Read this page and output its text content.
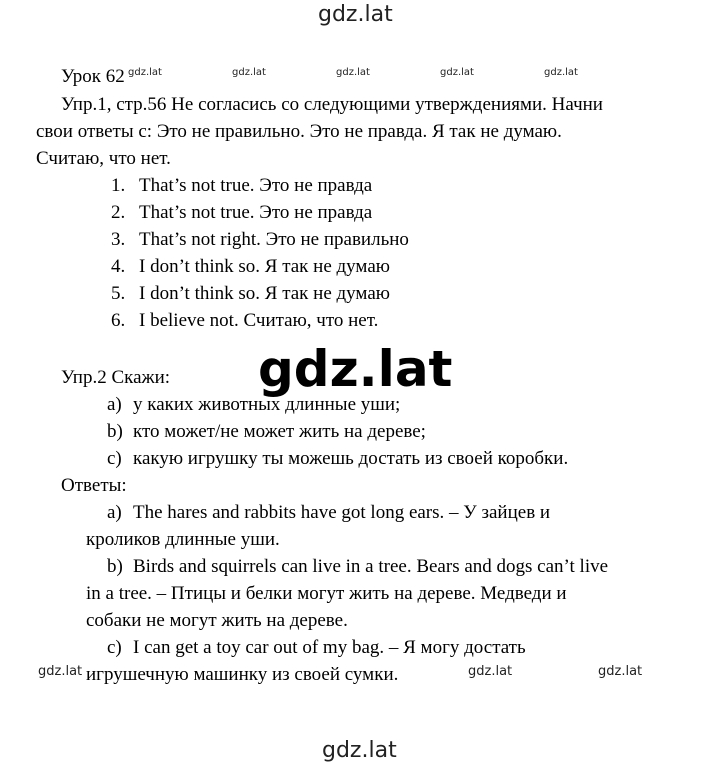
gdz.lat
gdz.lat
gdz.lat
gdz.lat	gdz.lat	gdz.lat	gdz.lat	gdz.lat
gdz.lat	gdz.lat	gdz.lat
Урок 62
Упр.1, стр.56 Не согласись со следующими утверждениями. Начни
свои ответы с: Это не правильно. Это не правда. Я так не думаю.
Считаю, что нет.
1. That’s not true. Это не правда
2. That’s not true. Это не правда
3. That’s not right. Это не правильно
4. I don’t think so. Я так не думаю
5. I don’t think so. Я так не думаю
6. I believe not. Считаю, что нет.
Упр.2 Скажи:
a) у каких животных длинные уши;
b) кто может/не может жить на дереве;
c) какую игрушку ты можешь достать из своей коробки.
Ответы:
a) The hares and rabbits have got long ears. – У зайцев и
кроликов длинные уши.
b) Birds and squirrels can live in a tree. Bears and dogs can’t live
in a tree. – Птицы и белки могут жить на дереве. Медведи и
собаки не могут жить на дереве.
c) I can get a toy car out of my bag. – Я могу достать
игрушечную машинку из своей сумки.
